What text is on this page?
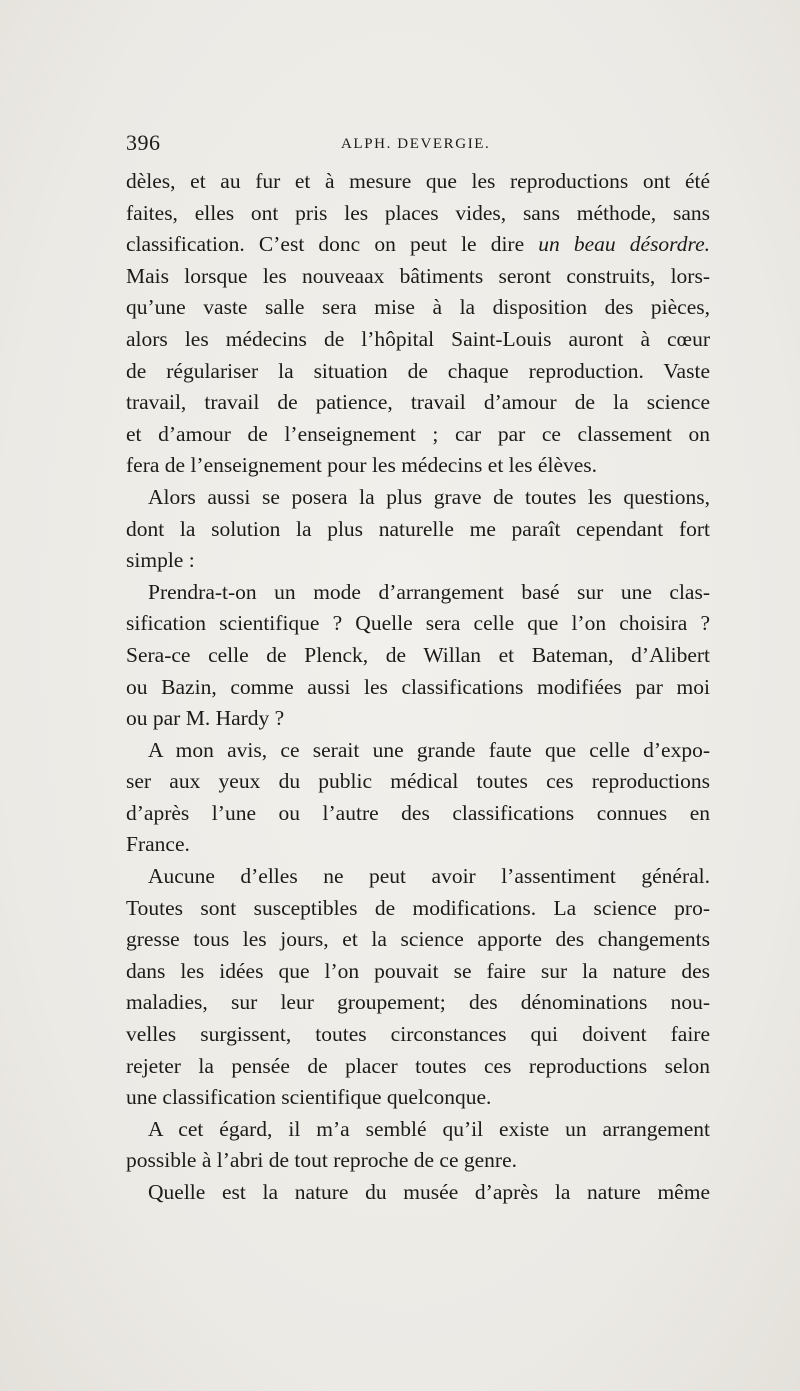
396	ALPH. DEVERGIE.
dèles, et au fur et à mesure que les reproductions ont été
faites, elles ont pris les places vides, sans méthode, sans
classification. C’est donc on peut le dire un beau désordre.
Mais lorsque les nouveaax bâtiments seront construits, lors-
qu’une vaste salle sera mise à la disposition des pièces,
alors les médecins de l’hôpital Saint-Louis auront à cœur
de régulariser la situation de chaque reproduction. Vaste
travail, travail de patience, travail d’amour de la science
et d’amour de l’enseignement ; car par ce classement on
fera de l’enseignement pour les médecins et les élèves.
Alors aussi se posera la plus grave de toutes les questions,
dont la solution la plus naturelle me paraît cependant fort
simple :
Prendra-t-on un mode d’arrangement basé sur une clas-
sification scientifique ? Quelle sera celle que l’on choisira ?
Sera-ce celle de Plenck, de Willan et Bateman, d’Alibert
ou Bazin, comme aussi les classifications modifiées par moi
ou par M. Hardy ?
A mon avis, ce serait une grande faute que celle d’expo-
ser aux yeux du public médical toutes ces reproductions
d’après l’une ou l’autre des classifications connues en
France.
Aucune d’elles ne peut avoir l’assentiment général.
Toutes sont susceptibles de modifications. La science pro-
gresse tous les jours, et la science apporte des changements
dans les idées que l’on pouvait se faire sur la nature des
maladies, sur leur groupement; des dénominations nou-
velles surgissent, toutes circonstances qui doivent faire
rejeter la pensée de placer toutes ces reproductions selon
une classification scientifique quelconque.
A cet égard, il m’a semblé qu’il existe un arrangement
possible à l’abri de tout reproche de ce genre.
Quelle est la nature du musée d’après la nature même
